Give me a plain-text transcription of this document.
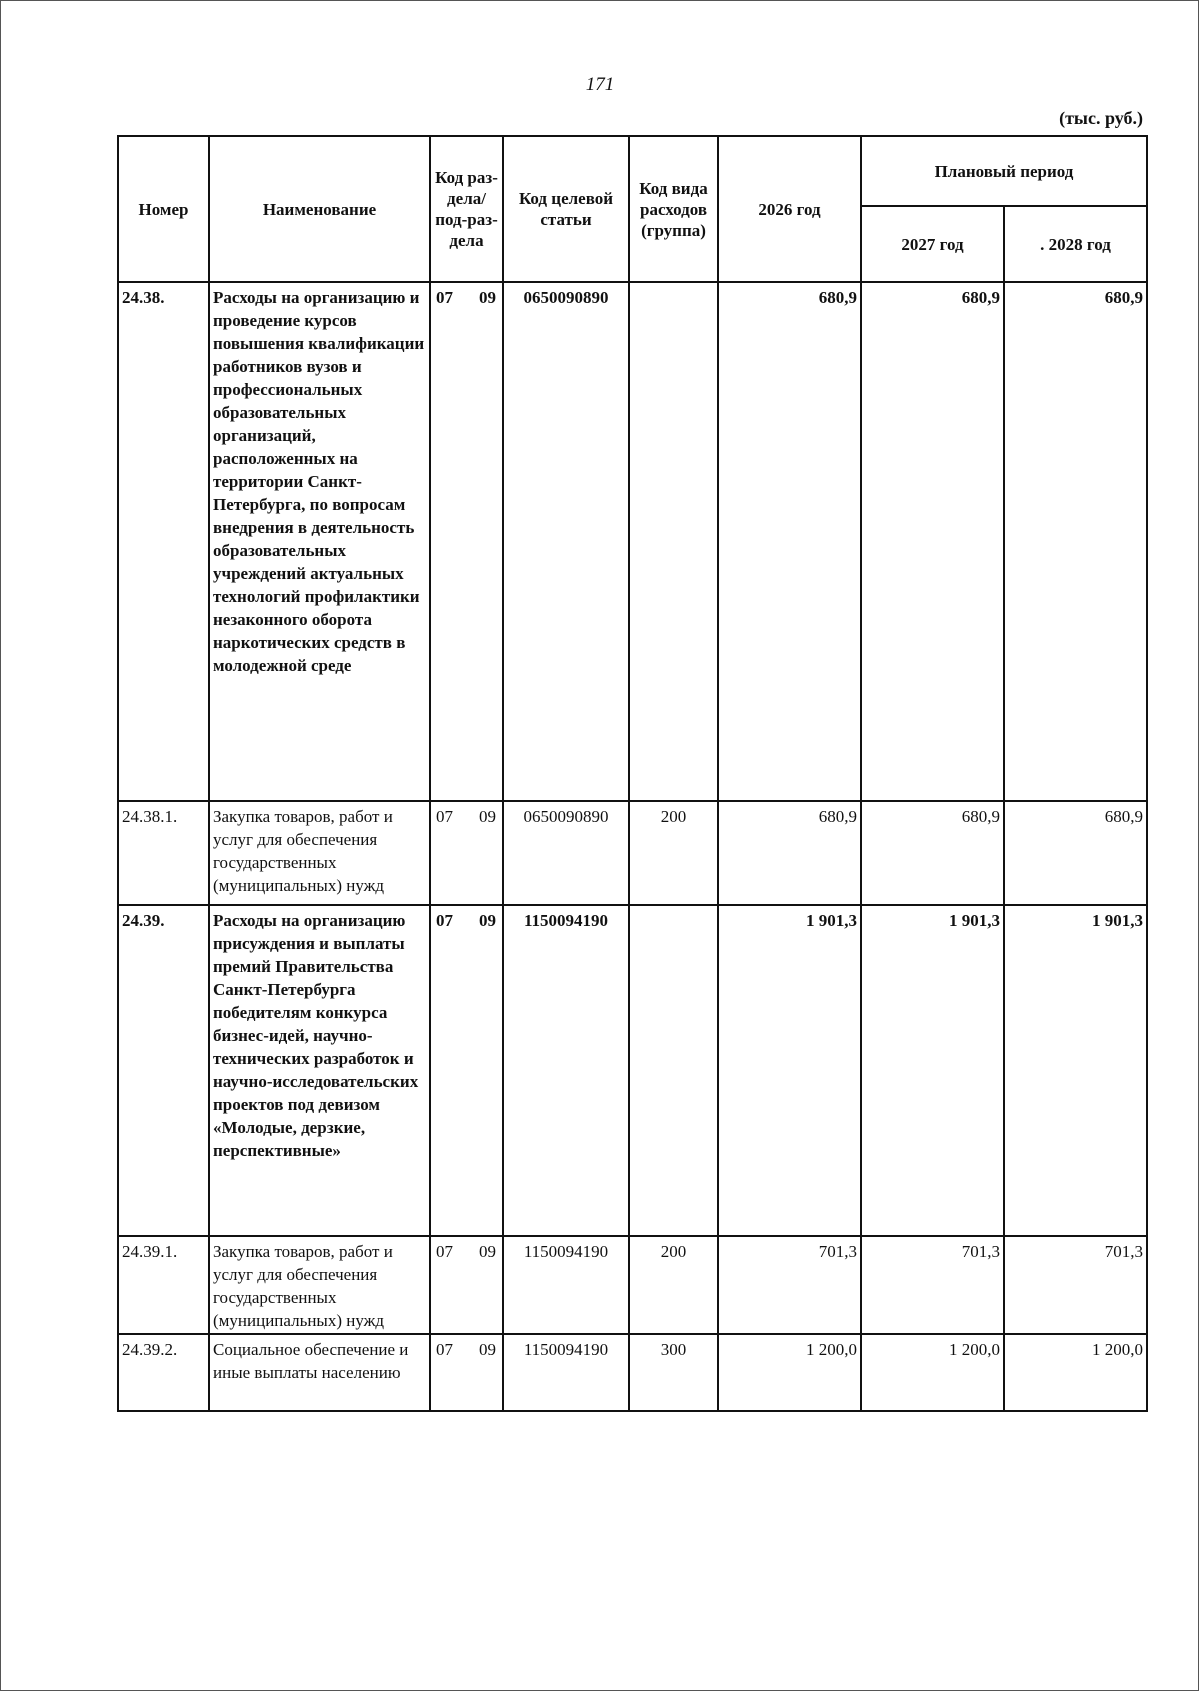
171
(тыс. руб.)
Номер	Наименование	Код раз-дела/ под-раз-дела	Код целевой статьи	Код вида расходов (группа)	2026 год	Плановый период	
						2027 год	. 2028 год
24.38.	Расходы на организацию и проведение курсов повышения квалификации работников вузов и профессиональных образовательных организаций, расположенных на территории Санкт-Петербурга, по вопросам внедрения в деятельность образовательных учреждений актуальных технологий профилактики незаконного оборота наркотических средств в молодежной среде	07 09	0650090890		680,9	680,9	680,9
24.38.1.	Закупка товаров, работ и услуг для обеспечения государственных (муниципальных) нужд	07 09	0650090890	200	680,9	680,9	680,9
24.39.	Расходы на организацию присуждения и выплаты премий Правительства Санкт-Петербурга победителям конкурса бизнес-идей, научно-технических разработок и научно-исследовательских проектов под девизом «Молодые, дерзкие, перспективные»	07 09	1150094190		1 901,3	1 901,3	1 901,3
24.39.1.	Закупка товаров, работ и услуг для обеспечения государственных (муниципальных) нужд	07 09	1150094190	200	701,3	701,3	701,3
24.39.2.	Социальное обеспечение и иные выплаты населению	07 09	1150094190	300	1 200,0	1 200,0	1 200,0
